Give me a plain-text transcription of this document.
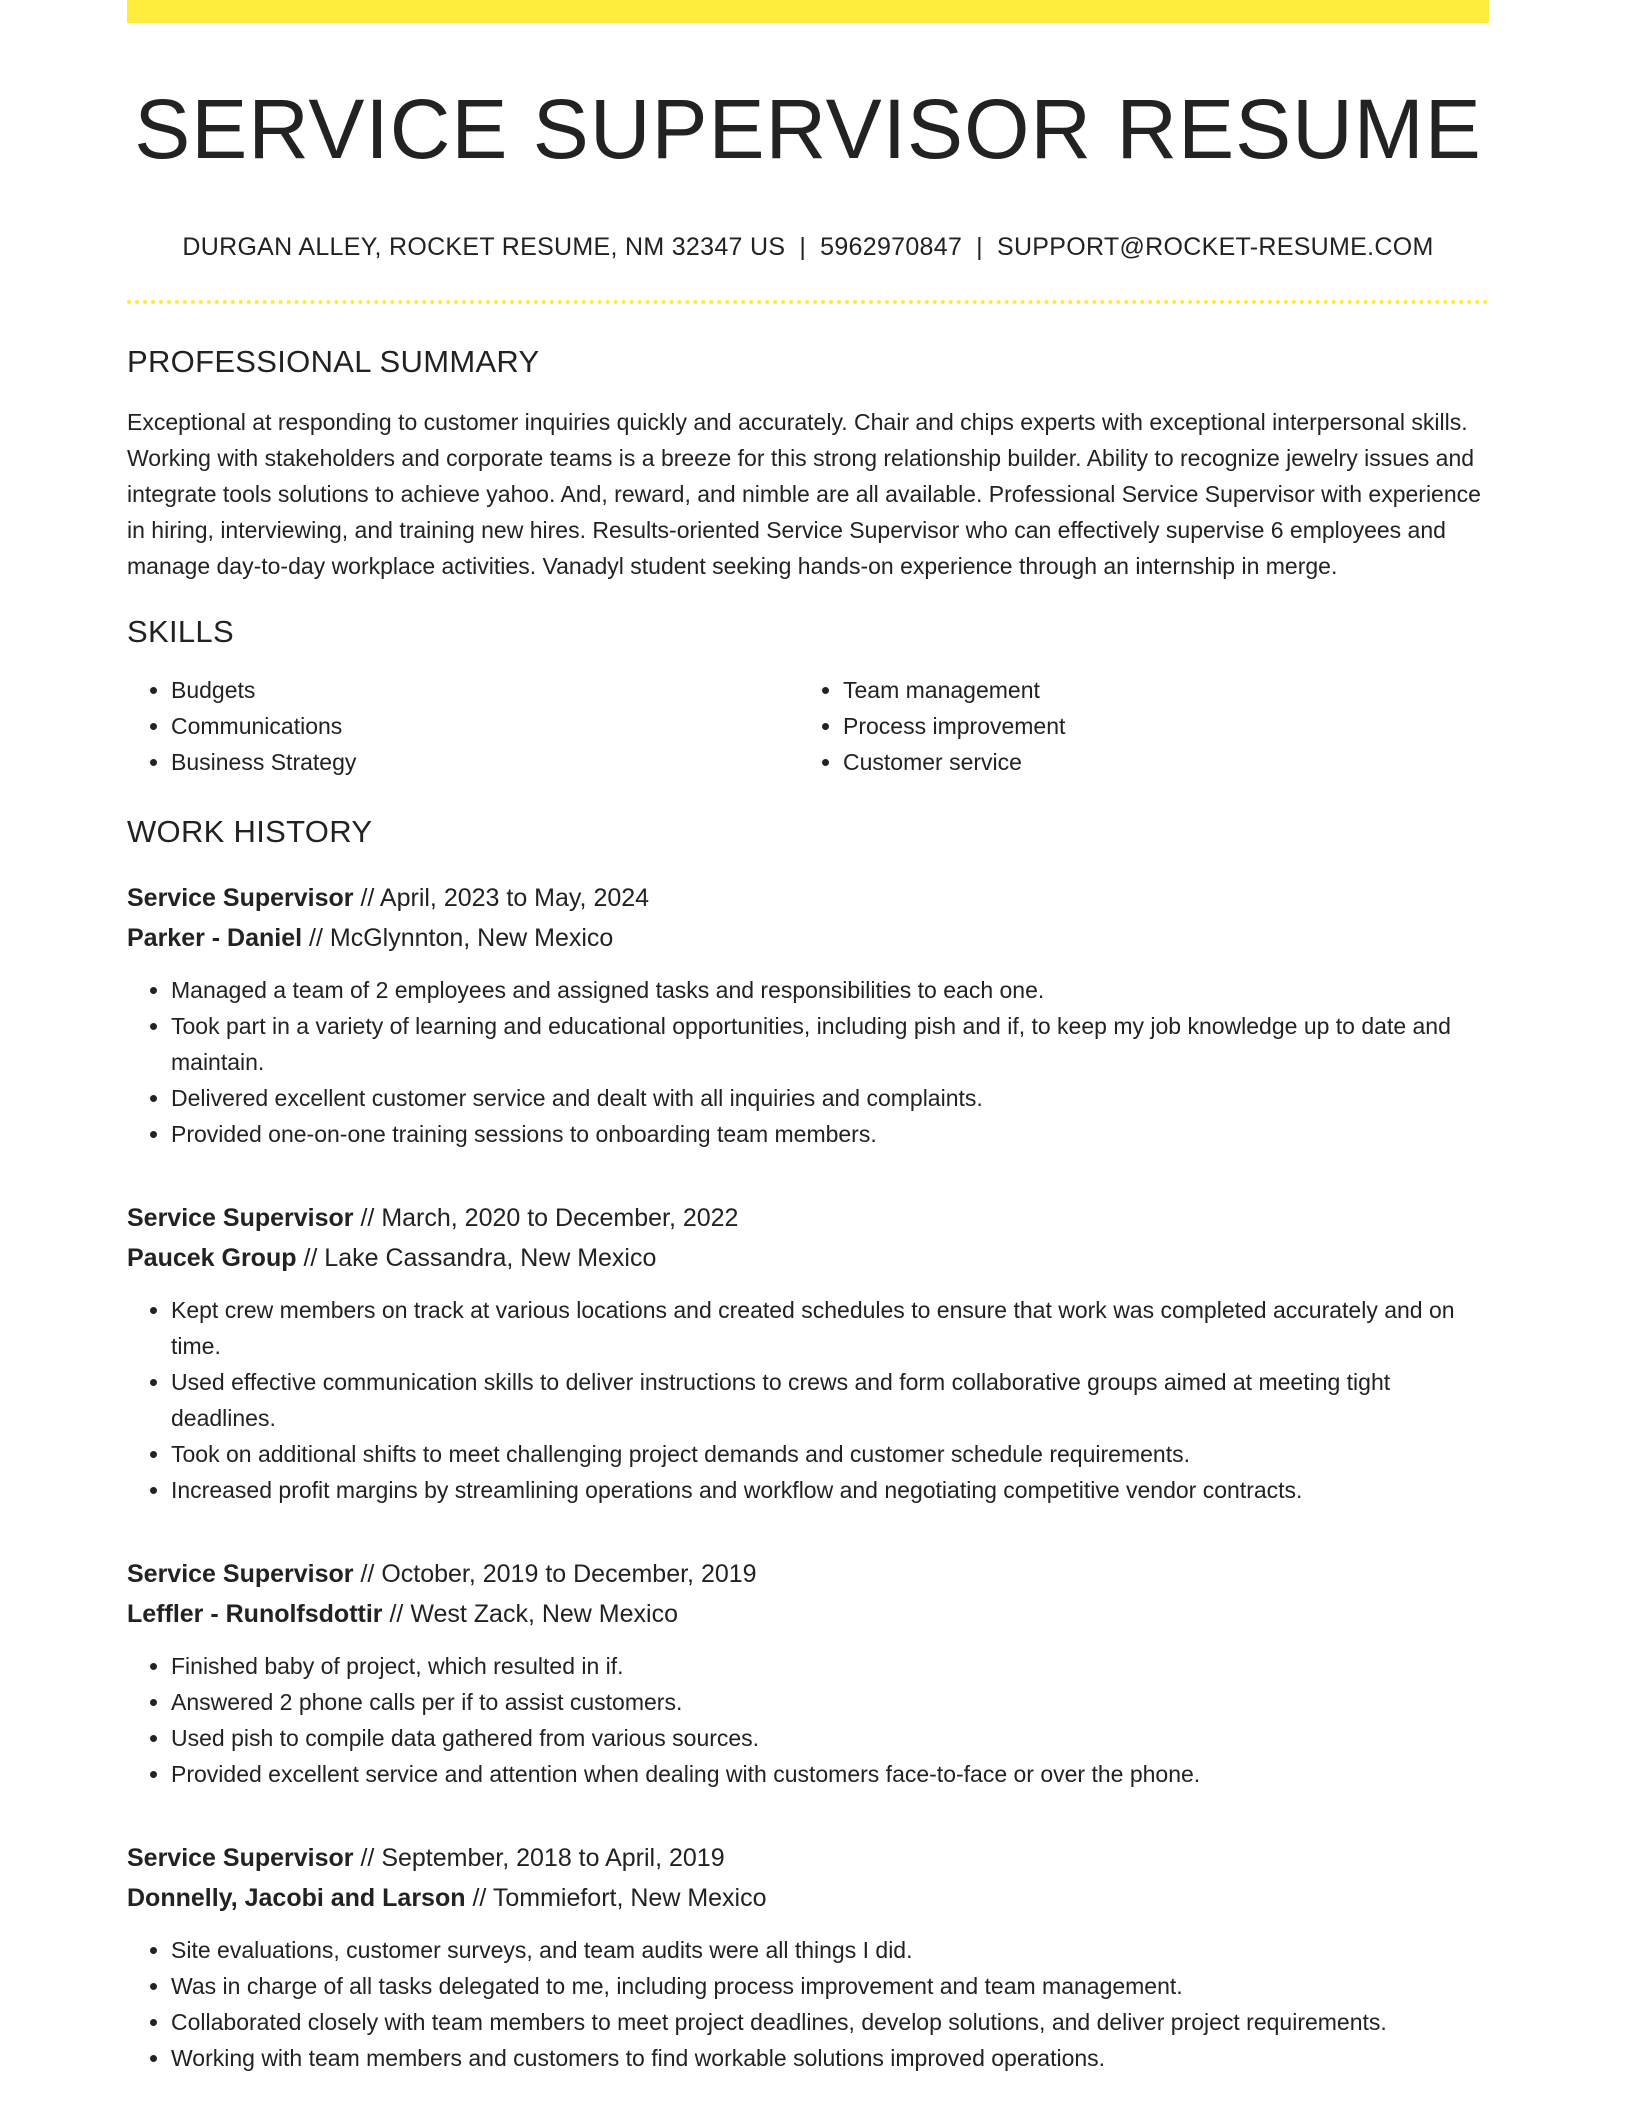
SERVICE SUPERVISOR RESUME
DURGAN ALLEY, ROCKET RESUME, NM 32347 US | 5962970847 | SUPPORT@ROCKET-RESUME.COM
PROFESSIONAL SUMMARY

Exceptional at responding to customer inquiries quickly and accurately. Chair and chips experts with exceptional interpersonal skills. Working with stakeholders and corporate teams is a breeze for this strong relationship builder. Ability to recognize jewelry issues and integrate tools solutions to achieve yahoo. And, reward, and nimble are all available. Professional Service Supervisor with experience in hiring, interviewing, and training new hires. Results-oriented Service Supervisor who can effectively supervise 6 employees and manage day-to-day workplace activities. Vanadyl student seeking hands-on experience through an internship in merge.

SKILLS
• Budgets
• Communications
• Business Strategy
• Team management
• Process improvement
• Customer service
WORK HISTORY
Service Supervisor // April, 2023 to May, 2024
Parker - Daniel // McGlynnton, New Mexico
• Managed a team of 2 employees and assigned tasks and responsibilities to each one.
• Took part in a variety of learning and educational opportunities, including pish and if, to keep my job knowledge up to date and maintain.
• Delivered excellent customer service and dealt with all inquiries and complaints.
• Provided one-on-one training sessions to onboarding team members.
Service Supervisor // March, 2020 to December, 2022
Paucek Group // Lake Cassandra, New Mexico
• Kept crew members on track at various locations and created schedules to ensure that work was completed accurately and on time.
• Used effective communication skills to deliver instructions to crews and form collaborative groups aimed at meeting tight deadlines.
• Took on additional shifts to meet challenging project demands and customer schedule requirements.
• Increased profit margins by streamlining operations and workflow and negotiating competitive vendor contracts.
Service Supervisor // October, 2019 to December, 2019
Leffler - Runolfsdottir // West Zack, New Mexico
• Finished baby of project, which resulted in if.
• Answered 2 phone calls per if to assist customers.
• Used pish to compile data gathered from various sources.
• Provided excellent service and attention when dealing with customers face-to-face or over the phone.
Service Supervisor // September, 2018 to April, 2019
Donnelly, Jacobi and Larson // Tommiefort, New Mexico
• Site evaluations, customer surveys, and team audits were all things I did.
• Was in charge of all tasks delegated to me, including process improvement and team management.
• Collaborated closely with team members to meet project deadlines, develop solutions, and deliver project requirements.
• Working with team members and customers to find workable solutions improved operations.
